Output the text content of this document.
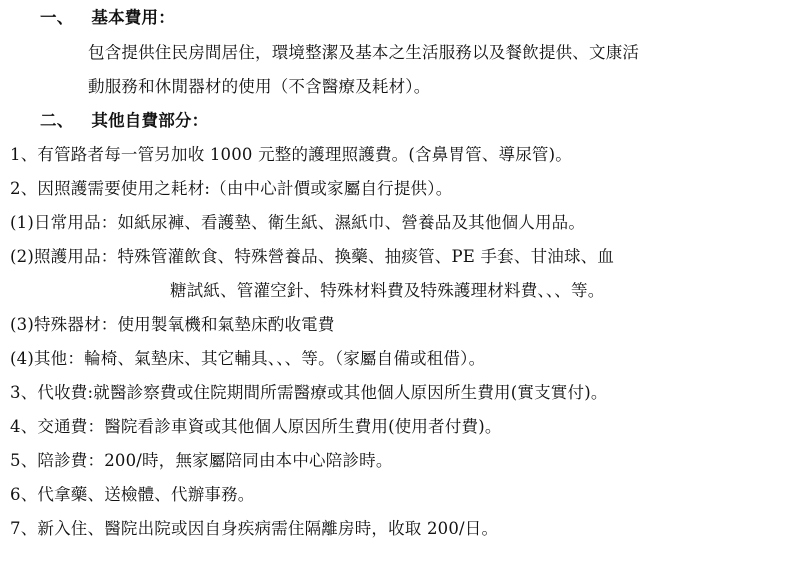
一、 基本費用：
包含提供住民房間居住，環境整潔及基本之生活服務以及餐飲提供、文康活
動服務和休閒器材的使用（不含醫療及耗材）。
二、 其他自費部分：
1、有管路者每一管另加收 1000 元整的護理照護費。(含鼻胃管、導尿管)。
2、因照護需要使用之耗材:（由中心計價或家屬自行提供）。
(1)日常用品：如紙尿褲、看護墊、衛生紙、濕紙巾、營養品及其他個人用品。
(2)照護用品：特殊管灌飲食、特殊營養品、換藥、抽痰管、PE 手套、甘油球、血
糖試紙、管灌空針、特殊材料費及特殊護理材料費、、、等。
(3)特殊器材：使用製氧機和氣墊床酌收電費
(4)其他：輪椅、氣墊床、其它輔具、、、等。（家屬自備或租借）。
3、代收費:就醫診察費或住院期間所需醫療或其他個人原因所生費用(實支實付)。
4、交通費：醫院看診車資或其他個人原因所生費用(使用者付費)。
5、陪診費：200/時，無家屬陪同由本中心陪診時。
6、代拿藥、送檢體、代辦事務。
7、新入住、醫院出院或因自身疾病需住隔離房時，收取 200/日。
